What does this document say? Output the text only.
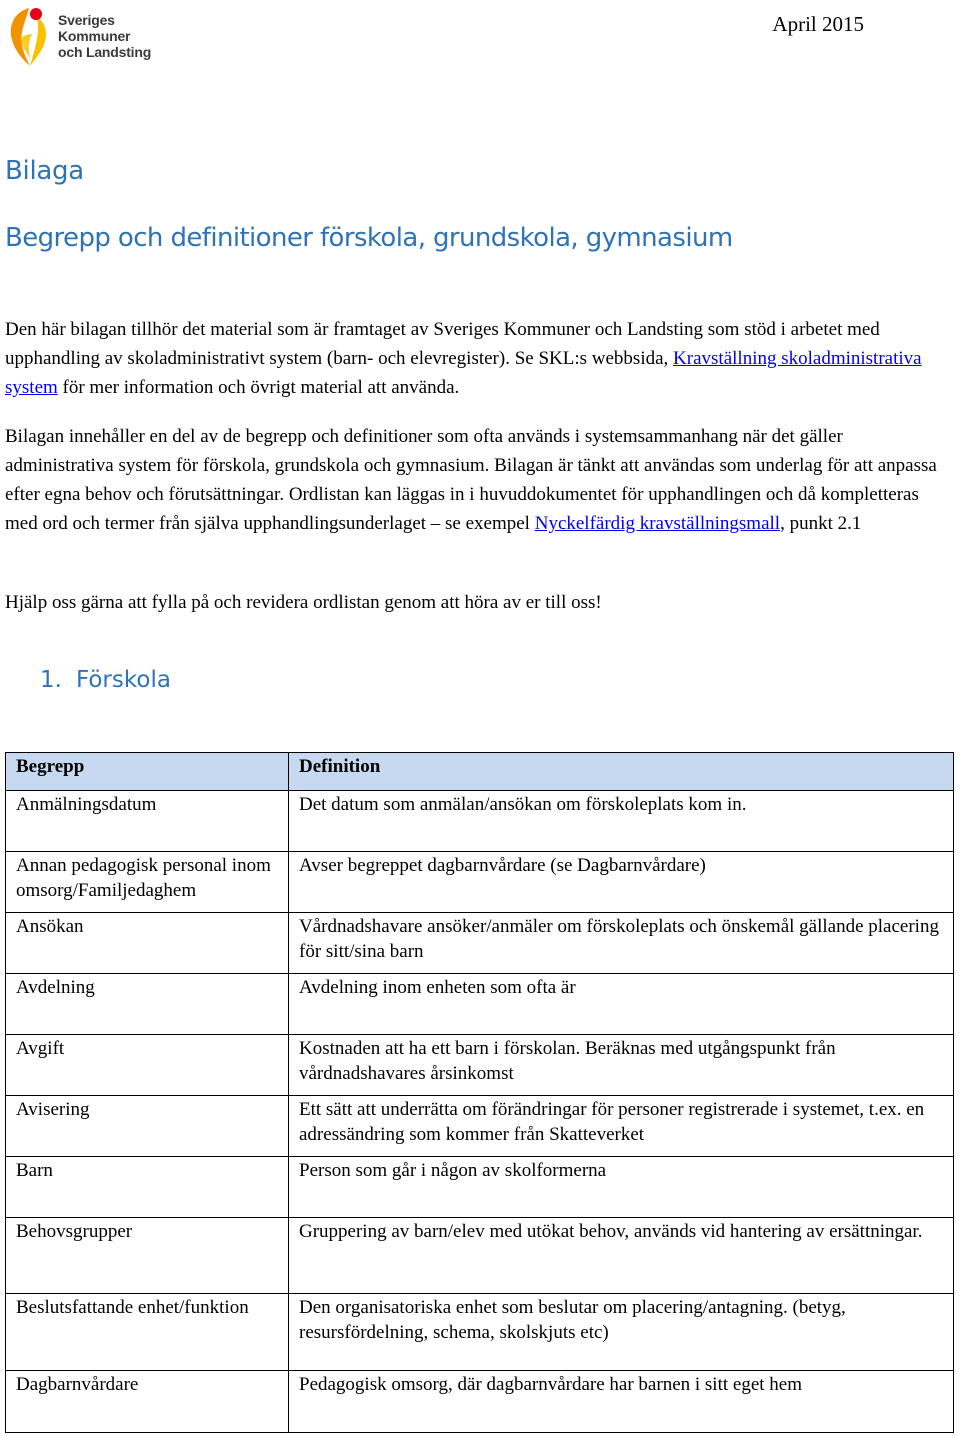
Sveriges
Kommuner
och Landsting
April 2015
Bilaga
Begrepp och definitioner förskola, grundskola, gymnasium

Den här bilagan tillhör det material som är framtaget av Sveriges Kommuner och Landsting som stöd i arbetet med upphandling av skoladministrativt system (barn- och elevregister). Se SKL:s webbsida, Kravställning skoladministrativa system för mer information och övrigt material att använda.

Bilagan innehåller en del av de begrepp och definitioner som ofta används i systemsammanhang när det gäller administrativa system för förskola, grundskola och gymnasium. Bilagan är tänkt att användas som underlag för att anpassa efter egna behov och förutsättningar. Ordlistan kan läggas in i huvuddokumentet för upphandlingen och då kompletteras med ord och termer från själva upphandlingsunderlaget – se exempel Nyckelfärdig kravställningsmall, punkt 2.1

Hjälp oss gärna att fylla på och revidera ordlistan genom att höra av er till oss!

1. Förskola
Begrepp	Definition
Anmälningsdatum	Det datum som anmälan/ansökan om förskoleplats kom in.
Annan pedagogisk personal inom omsorg/Familjedaghem	Avser begreppet dagbarnvårdare (se Dagbarnvårdare)
Ansökan	Vårdnadshavare ansöker/anmäler om förskoleplats och önskemål gällande placering för sitt/sina barn
Avdelning	Avdelning inom enheten som ofta är
Avgift	Kostnaden att ha ett barn i förskolan. Beräknas med utgångspunkt från vårdnadshavares årsinkomst
Avisering	Ett sätt att underrätta om förändringar för personer registrerade i systemet, t.ex. en adressändring som kommer från Skatteverket
Barn	Person som går i någon av skolformerna
Behovsgrupper	Gruppering av barn/elev med utökat behov, används vid hantering av ersättningar.
Beslutsfattande enhet/funktion	Den organisatoriska enhet som beslutar om placering/antagning. (betyg, resursfördelning, schema, skolskjuts etc)
Dagbarnvårdare	Pedagogisk omsorg, där dagbarnvårdare har barnen i sitt eget hem
